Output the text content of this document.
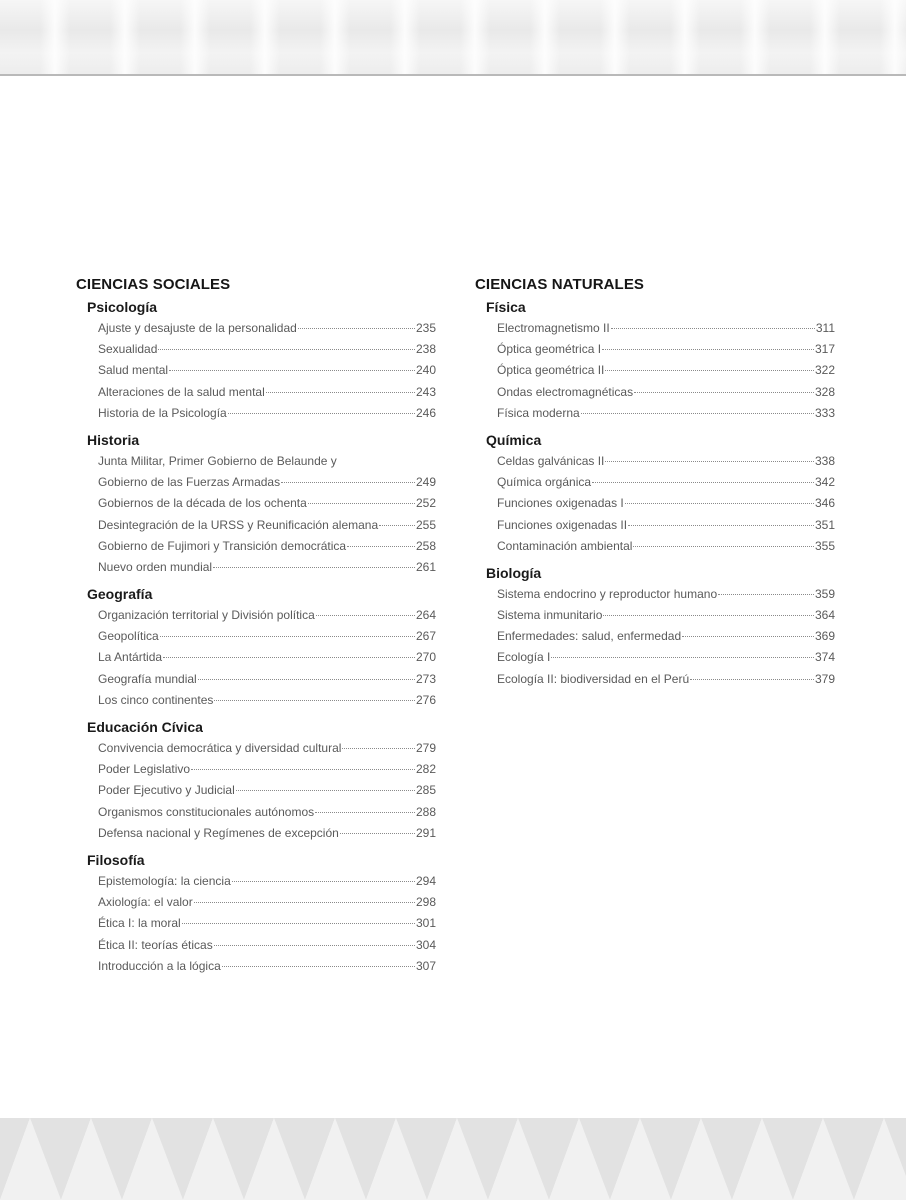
CIENCIAS SOCIALES
Psicología
Ajuste y desajuste de la personalidad	235
Sexualidad	238
Salud mental	240
Alteraciones de la salud mental	243
Historia de la Psicología	246
Historia
Junta Militar, Primer Gobierno de Belaunde y
Gobierno de las Fuerzas Armadas	249
Gobiernos de la década de los ochenta	252
Desintegración de la URSS y Reunificación alemana	255
Gobierno de Fujimori y Transición democrática	258
Nuevo orden mundial	261
Geografía
Organización territorial y División política	264
Geopolítica	267
La Antártida	270
Geografía mundial	273
Los cinco continentes	276
Educación Cívica
Convivencia democrática y diversidad cultural	279
Poder Legislativo	282
Poder Ejecutivo y Judicial	285
Organismos constitucionales autónomos	288
Defensa nacional y Regímenes de excepción	291
Filosofía
Epistemología: la ciencia	294
Axiología: el valor	298
Ética I: la moral	301
Ética II: teorías éticas	304
Introducción a la lógica	307
CIENCIAS NATURALES
Física
Electromagnetismo II	311
Óptica geométrica I	317
Óptica geométrica II	322
Ondas electromagnéticas	328
Física moderna	333
Química
Celdas galvánicas II	338
Química orgánica	342
Funciones oxigenadas I	346
Funciones oxigenadas II	351
Contaminación ambiental	355
Biología
Sistema endocrino y reproductor humano	359
Sistema inmunitario	364
Enfermedades: salud, enfermedad	369
Ecología I	374
Ecología II: biodiversidad en el Perú	379
